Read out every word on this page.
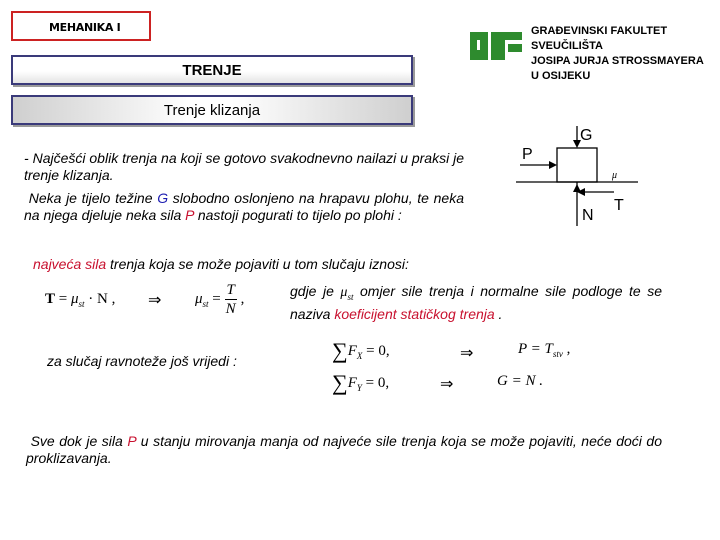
MEHANIKA I	GRAĐEVINSKI FAKULTET
SVEUČILIŠTA
JOSIPA JURJA STROSSMAYERA
U OSIJEKU
TRENJE
Trenje klizanja
- Najčešći oblik trenja na koji se gotovo svakodnevno nailazi u praksi je trenje klizanja.
Neka je tijelo težine G slobodno oslonjeno na hrapavu plohu, te neka na njega djeluje neka sila P nastoji pogurati to tijelo po plohi :
G
P
μ
N
T
najveća sila trenja koja se može pojaviti u tom slučaju iznosi:
$T = \mu_{st} \cdot N$ , ⇒ $\mu_{st} = \frac{T}{N}$ ,	gdje je $\mu_{st}$ omjer sile trenja i normalne sile podloge te se naziva koeficijent statičkog trenja .
za slučaj ravnoteže još vrijedi :	$\sum F_X = 0$,	⇒	$P = T_{stv}$ ,
$\sum F_Y = 0$,	⇒	G = N .
Sve dok je sila P u stanju mirovanja manja od najveće sile trenja koja se može pojaviti, neće doći do proklizavanja.
